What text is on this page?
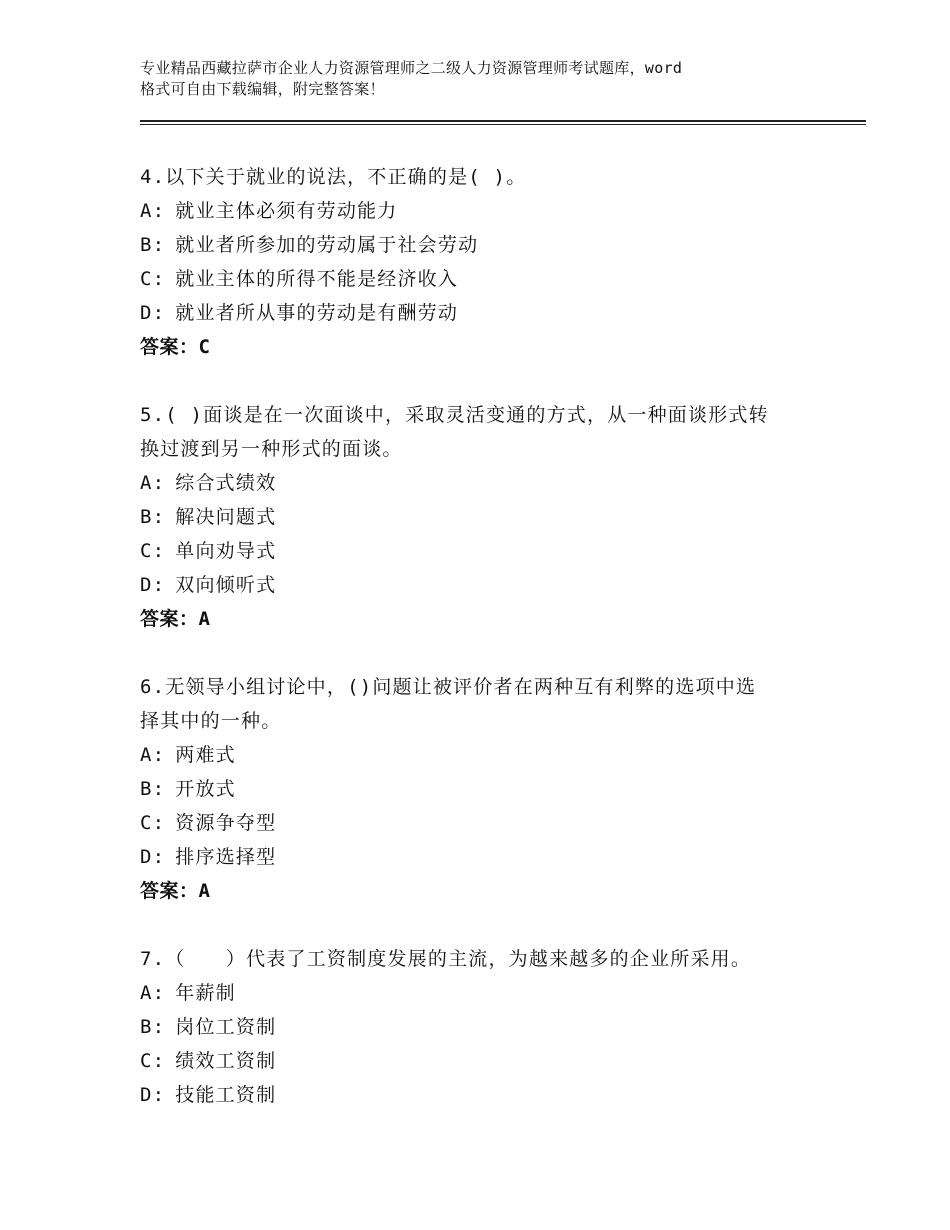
专业精品西藏拉萨市企业人力资源管理师之二级人力资源管理师考试题库，word
格式可自由下载编辑，附完整答案！
4.以下关于就业的说法，不正确的是( )。
A: 就业主体必须有劳动能力
B: 就业者所参加的劳动属于社会劳动
C: 就业主体的所得不能是经济收入
D: 就业者所从事的劳动是有酬劳动
答案：C
5.( )面谈是在一次面谈中，采取灵活变通的方式，从一种面谈形式转
换过渡到另一种形式的面谈。
A: 综合式绩效
B: 解决问题式
C: 单向劝导式
D: 双向倾听式
答案：A
6.无领导小组讨论中，()问题让被评价者在两种互有利弊的选项中选
择其中的一种。
A: 两难式
B: 开放式
C: 资源争夺型
D: 排序选择型
答案：A
7.（　　）代表了工资制度发展的主流，为越来越多的企业所采用。
A: 年薪制
B: 岗位工资制
C: 绩效工资制
D: 技能工资制
